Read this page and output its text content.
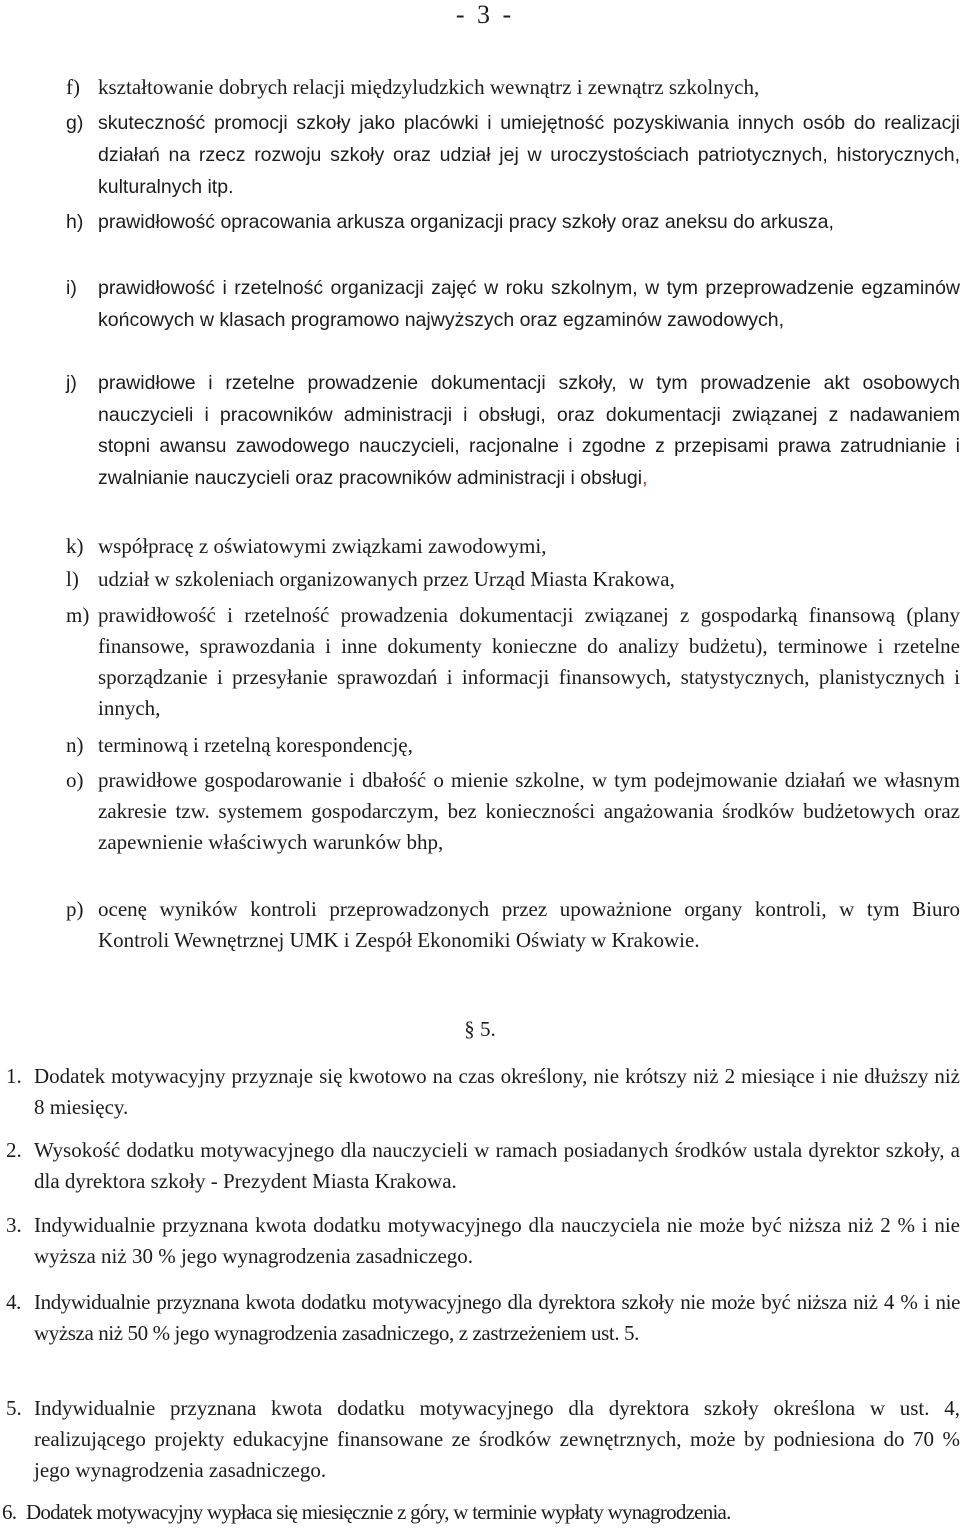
- 3 -
f) kształtowanie dobrych relacji międzyludzkich wewnątrz i zewnątrz szkolnych,
g) skuteczność promocji szkoły jako placówki i umiejętność pozyskiwania innych osób do realizacji działań na rzecz rozwoju szkoły oraz udział jej w uroczystościach patriotycznych, historycznych, kulturalnych itp.
h) prawidłowość opracowania arkusza organizacji pracy szkoły oraz aneksu do arkusza,
i) prawidłowość i rzetelność organizacji zajęć w roku szkolnym, w tym przeprowadzenie egzaminów końcowych w klasach programowo najwyższych oraz egzaminów zawodowych,
j) prawidłowe i rzetelne prowadzenie dokumentacji szkoły, w tym prowadzenie akt osobowych nauczycieli i pracowników administracji i obsługi, oraz dokumentacji związanej z nadawaniem stopni awansu zawodowego nauczycieli, racjonalne i zgodne z przepisami prawa zatrudnianie i zwalnianie nauczycieli oraz pracowników administracji i obsługi,
k) współpracę z oświatowymi związkami zawodowymi,
l) udział w szkoleniach organizowanych przez Urząd Miasta Krakowa,
m) prawidłowość i rzetelność prowadzenia dokumentacji związanej z gospodarką finansową (plany finansowe, sprawozdania i inne dokumenty konieczne do analizy budżetu), terminowe i rzetelne sporządzanie i przesyłanie sprawozdań i informacji finansowych, statystycznych, planistycznych i innych,
n) terminową i rzetelną korespondencję,
o) prawidłowe gospodarowanie i dbałość o mienie szkolne, w tym podejmowanie działań we własnym zakresie tzw. systemem gospodarczym, bez konieczności angażowania środków budżetowych oraz zapewnienie właściwych warunków bhp,
p) ocenę wyników kontroli przeprowadzonych przez upoważnione organy kontroli, w tym Biuro Kontroli Wewnętrznej UMK i Zespół Ekonomiki Oświaty w Krakowie.
§ 5.
1. Dodatek motywacyjny przyznaje się kwotowo na czas określony, nie krótszy niż 2 miesiące i nie dłuższy niż 8 miesięcy.
2. Wysokość dodatku motywacyjnego dla nauczycieli w ramach posiadanych środków ustala dyrektor szkoły, a dla dyrektora szkoły - Prezydent Miasta Krakowa.
3. Indywidualnie przyznana kwota dodatku motywacyjnego dla nauczyciela nie może być niższa niż 2 % i nie wyższa niż 30 % jego wynagrodzenia zasadniczego.
4. Indywidualnie przyznana kwota dodatku motywacyjnego dla dyrektora szkoły nie może być niższa niż 4 % i nie wyższa niż 50 % jego wynagrodzenia zasadniczego, z zastrzeżeniem ust. 5.
5. Indywidualnie przyznana kwota dodatku motywacyjnego dla dyrektora szkoły określona w ust. 4, realizującego projekty edukacyjne finansowane ze środków zewnętrznych, może by podniesiona do 70 % jego wynagrodzenia zasadniczego.
6. Dodatek motywacyjny wypłaca się miesięcznie z góry, w terminie wypłaty wynagrodzenia.
